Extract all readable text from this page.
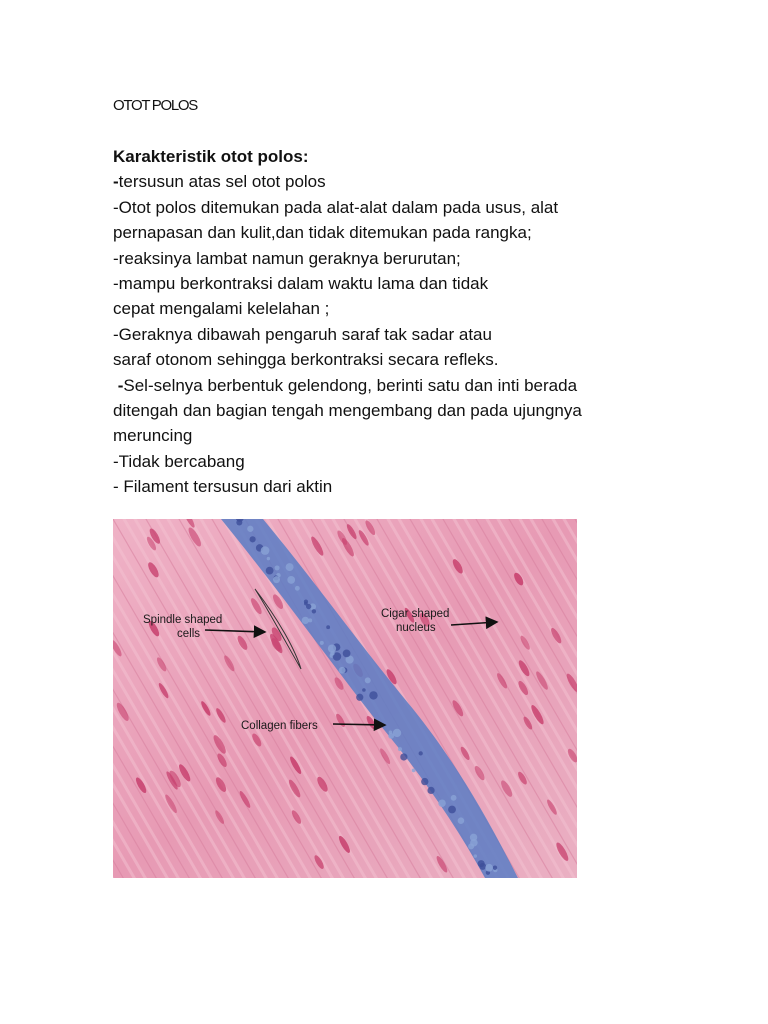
OTOT POLOS
Karakteristik otot polos:
-tersusun atas sel otot polos
-Otot polos ditemukan pada alat-alat dalam pada usus, alat
pernapasan dan kulit,dan tidak ditemukan pada rangka;
-reaksinya lambat namun geraknya berurutan;
-mampu berkontraksi dalam waktu lama dan tidak
cepat mengalami kelelahan ;
-Geraknya dibawah pengaruh saraf tak sadar atau
saraf otonom sehingga berkontraksi secara refleks.
-Sel-selnya berbentuk gelendong, berinti satu dan inti berada
ditengah dan bagian tengah mengembang dan pada ujungnya
meruncing
-Tidak bercabang
- Filament tersusun dari aktin
Spindle shaped
cells
Cigar shaped
nucleus
Collagen fibers
